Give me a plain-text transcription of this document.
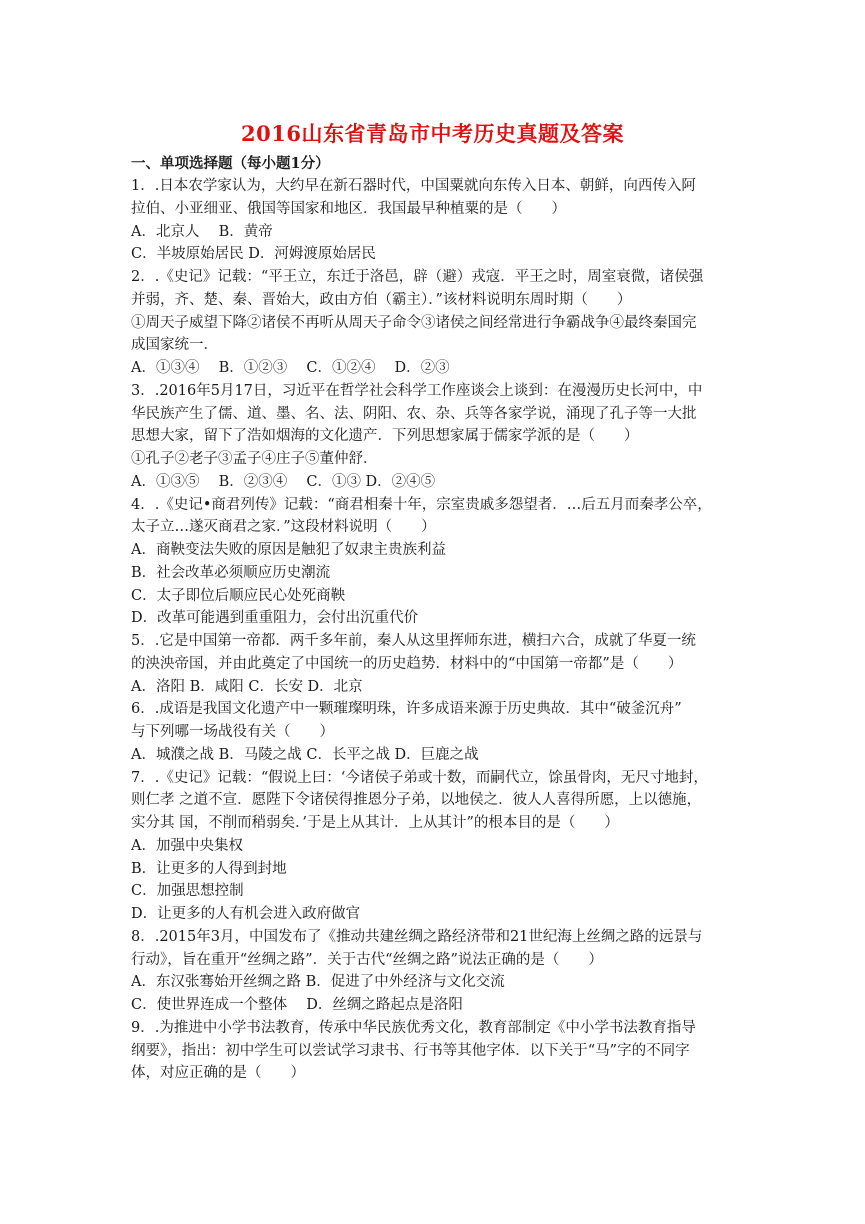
2016山东省青岛市中考历史真题及答案
一、单项选择题（每小题1分）
1．.日本农学家认为，大约早在新石器时代，中国粟就向东传入日本、朝鲜，向西传入阿
拉伯、小亚细亚、俄国等国家和地区．我国最早种植粟的是（　　）
A．北京人　 B．黄帝
C．半坡原始居民 D．河姆渡原始居民
2．.《史记》记载：“平王立，东迁于洛邑，辟（避）戎寇．平王之时，周室衰微，诸侯强
并弱，齐、楚、秦、晋始大，政由方伯（霸主）．”该材料说明东周时期（　　）
①周天子威望下降②诸侯不再听从周天子命令③诸侯之间经常进行争霸战争④最终秦国完
成国家统一．
A．①③④　 B．①②③　 C．①②④　 D．②③
3．.2016年5月17日，习近平在哲学社会科学工作座谈会上谈到：在漫漫历史长河中，中
华民族产生了儒、道、墨、名、法、阴阳、农、杂、兵等各家学说，涌现了孔子等一大批
思想大家，留下了浩如烟海的文化遗产．下列思想家属于儒家学派的是（　　）
①孔子②老子③孟子④庄子⑤董仲舒．
A．①③⑤　 B．②③④　 C．①③ D．②④⑤
4．.《史记•商君列传》记载：“商君相秦十年，宗室贵戚多怨望者．…后五月而秦孝公卒，
太子立…遂灭商君之家．”这段材料说明（　　）
A．商鞅变法失败的原因是触犯了奴隶主贵族利益
B．社会改革必须顺应历史潮流
C．太子即位后顺应民心处死商鞅
D．改革可能遇到重重阻力，会付出沉重代价
5．.它是中国第一帝都．两千多年前，秦人从这里挥师东进，横扫六合，成就了华夏一统
的泱泱帝国，并由此奠定了中国统一的历史趋势．材料中的“中国第一帝都”是（　　）
A．洛阳 B．咸阳 C．长安 D．北京
6．.成语是我国文化遗产中一颗璀璨明珠，许多成语来源于历史典故．其中“破釜沉舟”
与下列哪一场战役有关（　　）
A．城濮之战 B．马陵之战 C．长平之战 D．巨鹿之战
7．.《史记》记载：“假说上曰：‘今诸侯子弟或十数，而嗣代立，馀虽骨肉，无尺寸地封，
则仁孝 之道不宣．愿陛下令诸侯得推恩分子弟，以地侯之．彼人人喜得所愿，上以德施，
实分其 国，不削而稍弱矣．’于是上从其计．上从其计”的根本目的是（　　）
A．加强中央集权
B．让更多的人得到封地
C．加强思想控制
D．让更多的人有机会进入政府做官
8．.2015年3月，中国发布了《推动共建丝绸之路经济带和21世纪海上丝绸之路的远景与
行动》，旨在重开“丝绸之路”．关于古代“丝绸之路”说法正确的是（　　）
A．东汉张骞始开丝绸之路 B．促进了中外经济与文化交流
C．使世界连成一个整体　 D．丝绸之路起点是洛阳
9．.为推进中小学书法教育，传承中华民族优秀文化，教育部制定《中小学书法教育指导
纲要》，指出：初中学生可以尝试学习隶书、行书等其他字体．以下关于“马”字的不同字
体，对应正确的是（　　）
